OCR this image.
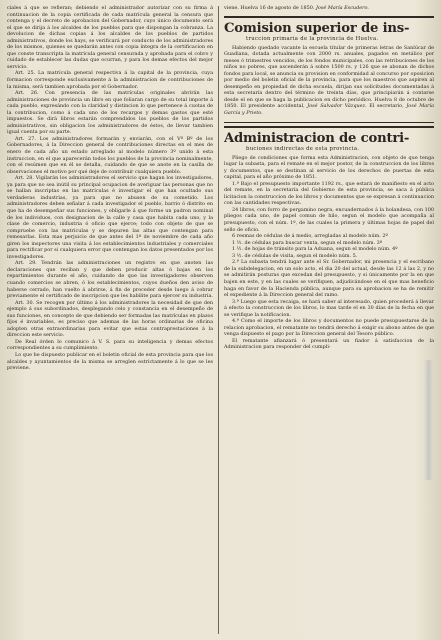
ciales á que se refieran; debiendo el administrador autorizar con su firma á continuacion de la copia certificada de cada matrícula general la censura que contenga y el decreto de aprobacion del Gobernador, cuyo único documento será el que se dirija á los alcaldes de los pueblos para que dispongan la cobranza. La devolucion de dichas copias á los alcaldes de los pueblos de partidos administrativos, donde los hays, se verificará por conducto de los administradores de los mismos, quienes se quedarán antes con copia íntegra de la certificacion en que conste transcripta la matrícula general censurada y aprobada para el cobro y cuidado de establecer las dudas que ocurran, y para los demas efectos del mejor servicio.

Art. 25. La matrícula general respectiva á la capital de la provincia, cuya formacion corresponde exclusivamente á la administracion de contribuciones de la misma, será tambien aprobada por el Gobernador.

Art. 26. Con presencia de las matrículas originales abrirán las administraciones de provincia un libro en que foliaran cargo de su total importe á cada pueblo, expresándo con la claridad y distincion lo que pertenece á cuotas de la contribucion, como á cada uno de los recargos y demas gastos que esté impuestos. Se dirá libros estarán comprendidos los pueblos de los partidos administrativos, sin obligacion los administradores de éstos, de llevar tambien igual cuenta por su parte.

Art. 27. Los administradores formarán y enviarán, con el Vº Bº de los Gobernadores, á la Direccion general de contribuciones directas en el mes de enero de cada año un estado arreglado al modelo número 3º unido á esta instruccion, en el que aparecerán todos los pueblos de la provincia nominalmente, con el resúmen que en él se detalla, cuidando de que se anote en la casilla de observaciones el motivo por qué deje de contribuir cualquiera pueblo.

Art. 28. Vigilarán los administradores el servicio que hagan los investigadores, ya para que no sea inútil su principal ocupacion de averiguar las personas que no se hallan inscriptas en las matrículas é investigar el que han ocultado sus verdaderas industrias, ya para que no abusen de su cometido. Los administradores deben señalar á cada investigador el pueblo, barrio ó distrito en que ha de desempeñar sus funciones, y obligarle á que forme un padron nominal de los individuos, con designacion de la calle y casa que habita cada uno, y la clase de comercio, industria ó oficio que ejerce; todo con objeto de que se compruebe con las matrículas y se depuren las altas que contengan para remesarlas. Esta mas perjuicio de que antes del 1º de noviembre de cada año giren los inspectores una visita á los establecimientos industriales y comerciales para rectificar por si cualquiera error que contengan los datos presentados por los investigadores.

Art. 29. Tendrán las administraciones un registro en que anoten las declaraciones que reciban y que deben producir altas ó bajas en los repartimientos durante el año, cuidando de que las investigadores observen cuando comercios se abren, ó los establecimientos, cuyos dueños den aviso de haberse cerrado, han vuelto á abrirse, á fin de proceder desde luego á cobrar previamente el certificado de inscripcion que les habilite para ejercer su industria.

Art. 30. Se recogen por último á los administradores la necesidad de que den ejemplo á sus subordinados, desplegando celo y constancia en el desempeño de sus funciones, en concepto de que debiendo ser formadas las matrículas en plazos fijos é invariables, es preciso que ademas de las horas ordinarias de oficina adopten otras extraordinarias para evitar que estas contraprestaciones á la direccion este servicio.

De Real órden lo comunico á V. S. para su inteligencia y demas efectos correspondientes a su cumplimiento.

Lo que he dispuesto publicar en el boletin oficial de esta provincia para que los alcaldes y ayuntamientos de la misma se arreglen estrictamente á lo que se les previene.

viene. Huelva 16 de agosto de 1850. José María Escudero.

Comision superior de ins-
truccion primaria de la provincia de Huelva.

Habiendo quedado vacante la escuela titular de primeras letras de Sanlúcar de Guadiana, dotada actualmente con 2000 rs. anuales, pagados en metálico por meses ó trimestres vencidos, de los fondos municipales, con las retribuciones de los niños no pobres, que ascenderán á sobre 1500 rs. y 126 que se abonan de dichos fondos para local, se anuncia su provision en conformidad al concurso por oposicion por medio del boletin oficial de la provincia, para que los maestros que aspiren al desempeño en propiedad de dicha escuela, dirijan sus solicitudes documentadas á esta secretaría dentro del término de treinta dias, que principiarán á contarse desde el en que se haga la publicacion en dicho periódico. Huelva 8 de octubre de 1850. El presidente accidental, José Salvador Vázquez. El secretario, José María García y Prieto.

Administracion de contri-
buciones indirectas de esta provincia.

Pliego de condiciones que forma esta Administracion, con objeto de que tenga lugar la subasta, para el remate en el mejor postor, de la construccion de los libros y documentos, que se destinan al servicio de los derechos de puertas de esta capital, para el año próximo de 1851.

1.ª Bajo el presupuesto importante 1192 rs., que estará de manifiesto en el acto del remate, en la secretaría del Gobierno de esta provincia, se saca á pública licitacion la construccion de los libros y documentos que se expresan á continuacion con las cantidades respectivas.

24 libros, con forro de pergamino negra, encuadernados á la holandesa, con 100 pliegos cada uno, de papel comun de hilo, segun el modelo que acompaña al presupuesto, con el núm. 1º, de las cuales la primera y últimas hojas de papel del sello de oficio.

6 resmas de cédulas de á medio, arregladas al modelo núm. 2º

1 ½. de cédulas para buscar venta, segun el modelo núm. 3º

1 ½. de hojas de tránsito para la Aduana, segun el modelo núm. 4º

3 ½. de cédulas de visita, segun el modelo núm. 5.

2.ª La subasta tendrá lugar ante el Sr. Gobernador, mi presencia y el escribano de la subdelegacion, en un solo acto, el dia 20 del actual, desde las 12 á las 2, y no se admitirán posturas que excedan del presupuesto, y si únicamente por la en que bajen en este, y en las cuales se verifiquen, adjudicándose en el que mas beneficio haga en favor de la Hacienda pública, aunque para su aprobacion se ha de remitir el expediente á la Direccion general del ramo.

3.ª Luego que esta recaiga, se hará saber al interesado, quien procederá á llevar á efecto la construccion de los libros, lo mas tarde el en 30 días de la fecha en que se verifique la notificacion.

4.ª Como el importe de los libros y documentos no puede presupuestarse de la relacion aprobacion, el rematante no tendrá derecho á exigir su abono antes de que venga dispuesto el pago por la Direccion general del Tesoro público.

El rematante afianzará ó presentará un fiador á satisfaccion de la Administracion para responder del cumpli-
